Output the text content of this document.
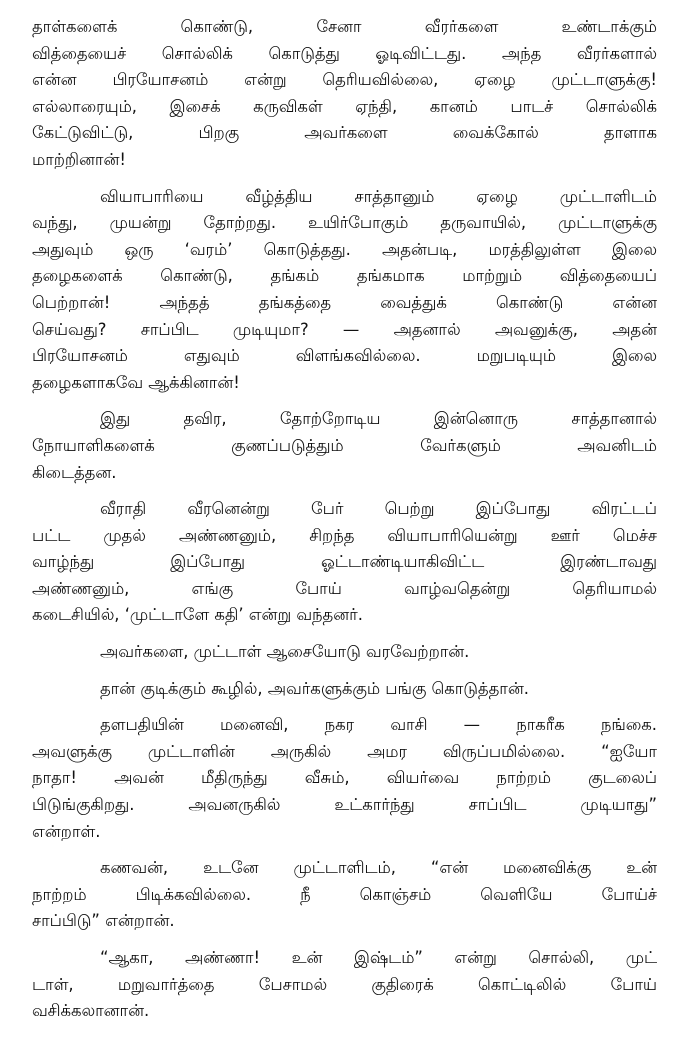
தாள்களைக் கொண்டு, சேனா வீரர்களை உண்டாக்கும்
வித்தையைச் சொல்லிக் கொடுத்து ஓடிவிட்டது. அந்த வீரர்களால்
என்ன பிரயோசனம் என்று தெரியவில்லை, ஏழை முட்டாளுக்கு!
எல்லாரையும், இசைக் கருவிகள் ஏந்தி, கானம் பாடச் சொல்லிக்
கேட்டுவிட்டு, பிறகு அவர்களை வைக்கோல் தாளாக
மாற்றினான்!

வியாபாரியை வீழ்த்திய சாத்தானும் ஏழை முட்டாளிடம்
வந்து, முயன்று தோற்றது. உயிர்போகும் தருவாயில், முட்டாளுக்கு
அதுவும் ஒரு ‘வரம்’ கொடுத்தது. அதன்படி, மரத்திலுள்ள இலை
தழைகளைக் கொண்டு, தங்கம் தங்கமாக மாற்றும் வித்தையைப்
பெற்றான்! அந்தத் தங்கத்தை வைத்துக் கொண்டு என்ன
செய்வது? சாப்பிட முடியுமா? — அதனால் அவனுக்கு, அதன்
பிரயோசனம் எதுவும் விளங்கவில்லை. மறுபடியும் இலை
தழைகளாகவே ஆக்கினான்!

இது தவிர, தோற்றோடிய இன்னொரு சாத்தானால்
நோயாளிகளைக் குணப்படுத்தும் வேர்களும் அவனிடம்
கிடைத்தன.

வீராதி வீரனென்று பேர் பெற்று இப்போது விரட்டப்
பட்ட முதல் அண்ணனும், சிறந்த வியாபாரியென்று ஊர் மெச்ச
வாழ்ந்து இப்போது ஓட்டாண்டியாகிவிட்ட இரண்டாவது
அண்ணனும், எங்கு போய் வாழ்வதென்று தெரியாமல்
கடைசியில், ‘முட்டாளே கதி’ என்று வந்தனர்.

அவர்களை, முட்டாள் ஆசையோடு வரவேற்றான்.

தான் குடிக்கும் கூழில், அவர்களுக்கும் பங்கு கொடுத்தான்.

தளபதியின் மனைவி, நகர வாசி — நாகரீக நங்கை.
அவளுக்கு முட்டாளின் அருகில் அமர விருப்பமில்லை. “ஐயோ
நாதா! அவன் மீதிருந்து வீசும், வியர்வை நாற்றம் குடலைப்
பிடுங்குகிறது. அவனருகில் உட்கார்ந்து சாப்பிட முடியாது”
என்றாள்.

கணவன், உடனே முட்டாளிடம், “என் மனைவிக்கு உன்
நாற்றம் பிடிக்கவில்லை. நீ கொஞ்சம் வெளியே போய்ச்
சாப்பிடு” என்றான்.

“ஆகா, அண்ணா! உன் இஷ்டம்” என்று சொல்லி, முட்
டாள், மறுவார்த்தை பேசாமல் குதிரைக் கொட்டிலில் போய்
வசிக்கலானான்.
